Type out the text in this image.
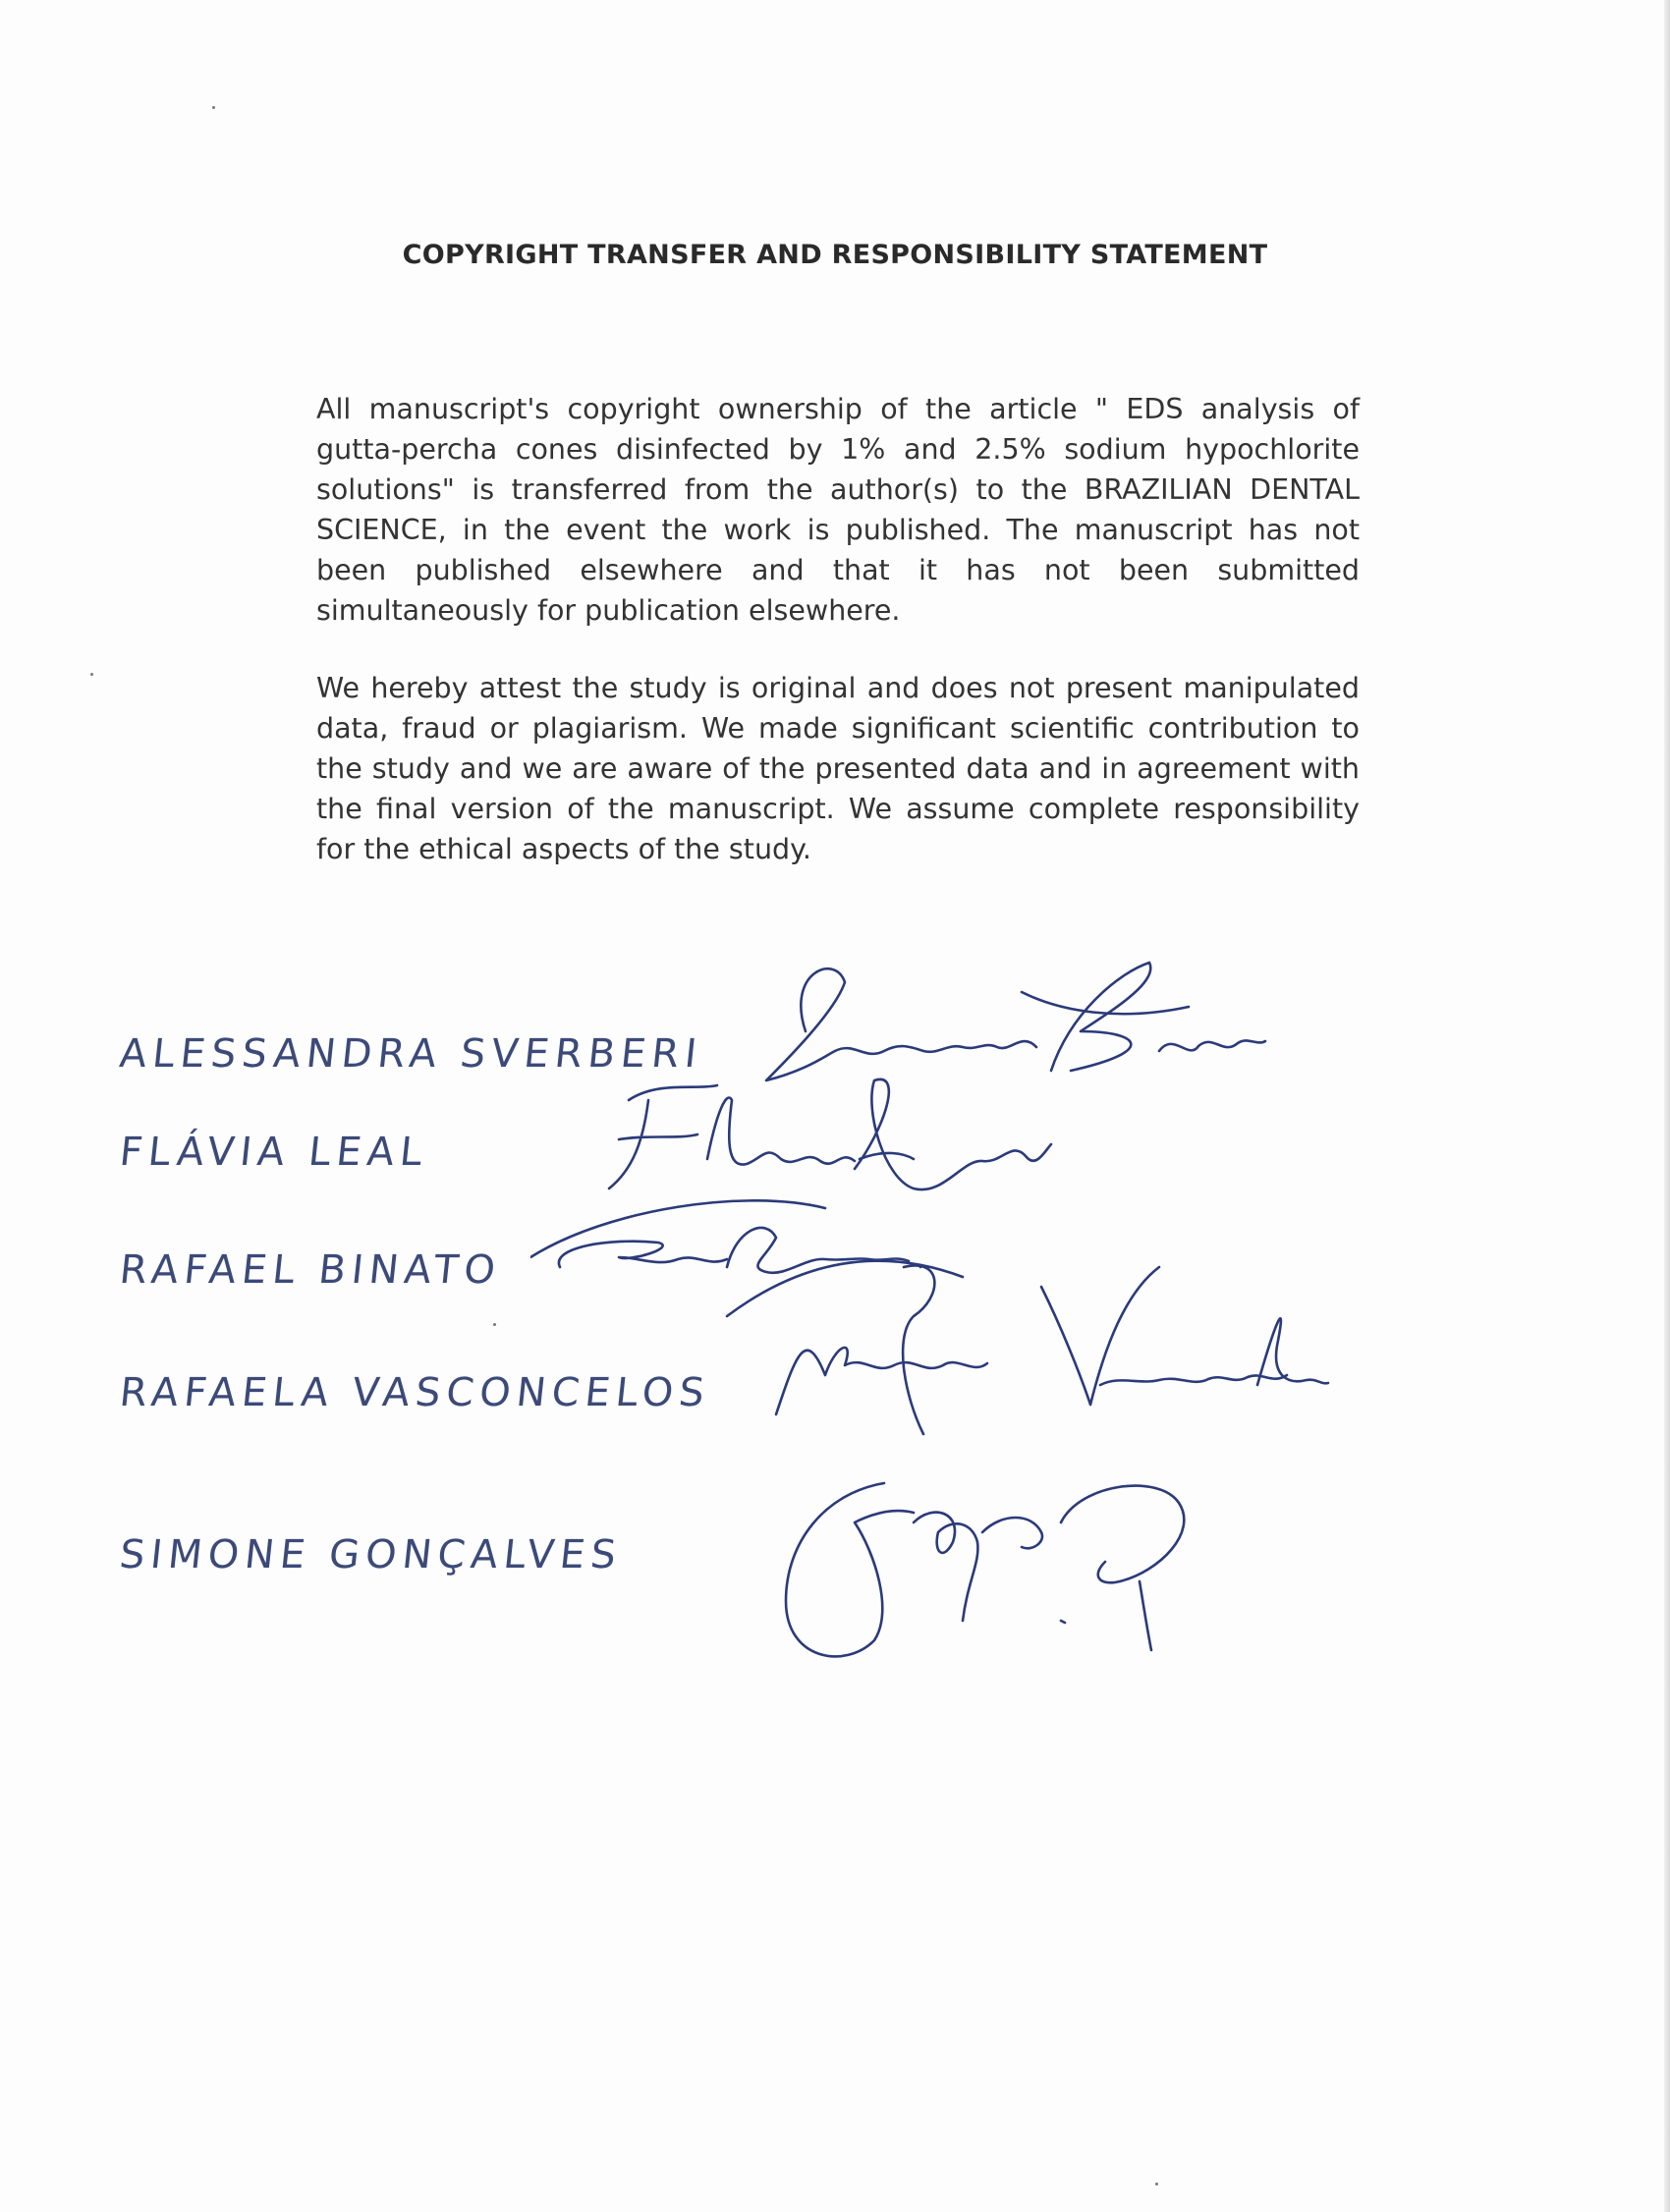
COPYRIGHT TRANSFER AND RESPONSIBILITY STATEMENT

All manuscript's copyright ownership of the article " EDS analysis of gutta-percha cones disinfected by 1% and 2.5% sodium hypochlorite solutions" is transferred from the author(s) to the BRAZILIAN DENTAL SCIENCE, in the event the work is published. The manuscript has not been published elsewhere and that it has not been submitted simultaneously for publication elsewhere.

We hereby attest the study is original and does not present manipulated data, fraud or plagiarism. We made significant scientific contribution to the study and we are aware of the presented data and in agreement with the final version of the manuscript. We assume complete responsibility for the ethical aspects of the study.

ALESSANDRA SVERBERI
FLÁVIA LEAL
RAFAEL BINATO
RAFAELA VASCONCELOS
SIMONE GONÇALVES
